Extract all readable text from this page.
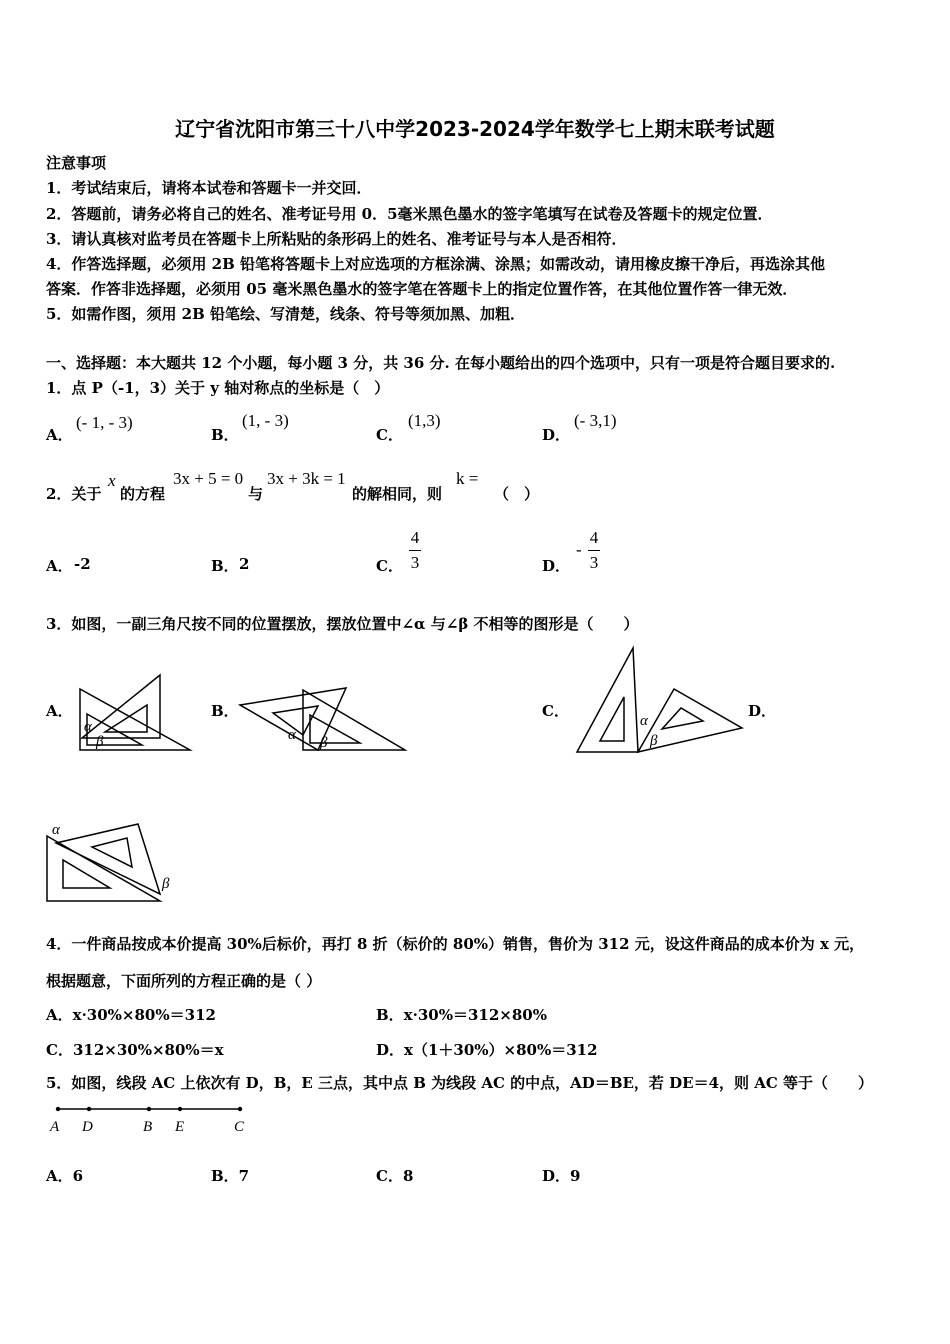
辽宁省沈阳市第三十八中学2023-2024学年数学七上期末联考试题
注意事项
1．考试结束后，请将本试卷和答题卡一并交回．
2．答题前，请务必将自己的姓名、准考证号用 0．5毫米黑色墨水的签字笔填写在试卷及答题卡的规定位置．
3．请认真核对监考员在答题卡上所粘贴的条形码上的姓名、准考证号与本人是否相符．
4．作答选择题，必须用 2B 铅笔将答题卡上对应选项的方框涂满、涂黑；如需改动，请用橡皮擦干净后，再选涂其他
答案．作答非选择题，必须用 05 毫米黑色墨水的签字笔在答题卡上的指定位置作答，在其他位置作答一律无效．
5．如需作图，须用 2B 铅笔绘、写清楚，线条、符号等须加黑、加粗．
一、选择题：本大题共 12 个小题，每小题 3 分，共 36 分. 在每小题给出的四个选项中，只有一项是符合题目要求的.
1．点 P（-1，3）关于 y 轴对称点的坐标是（　）
A．
(- 1, - 3)
B．
(1, - 3)
C．
(1,3)
D．
(- 3,1)
2．关于
x
的方程
3x + 5 = 0
与
3x + 3k = 1
的解相同，则
k =
（　）
A． -2	B． 2	C．
4
3	D．
-
4
3
3．如图，一副三角尺按不同的位置摆放，摆放位置中∠α 与∠β 不相等的图形是（　　）
A．	B．	C．	D．
α
β	α β
α
β
α
β
4．一件商品按成本价提高 30%后标价，再打 8 折（标价的 80%）销售，售价为 312 元，设这件商品的成本价为 x 元，
根据题意，下面所列的方程正确的是（ ）
A．x·30%×80%＝312	B．x·30%＝312×80%
C．312×30%×80%＝x	D．x（1＋30%）×80%＝312
5．如图，线段 AC 上依次有 D，B，E 三点，其中点 B 为线段 AC 的中点，AD＝BE，若 DE＝4，则 AC 等于（　　）
A D	B E	C
A．6	B．7	C．8	D．9
